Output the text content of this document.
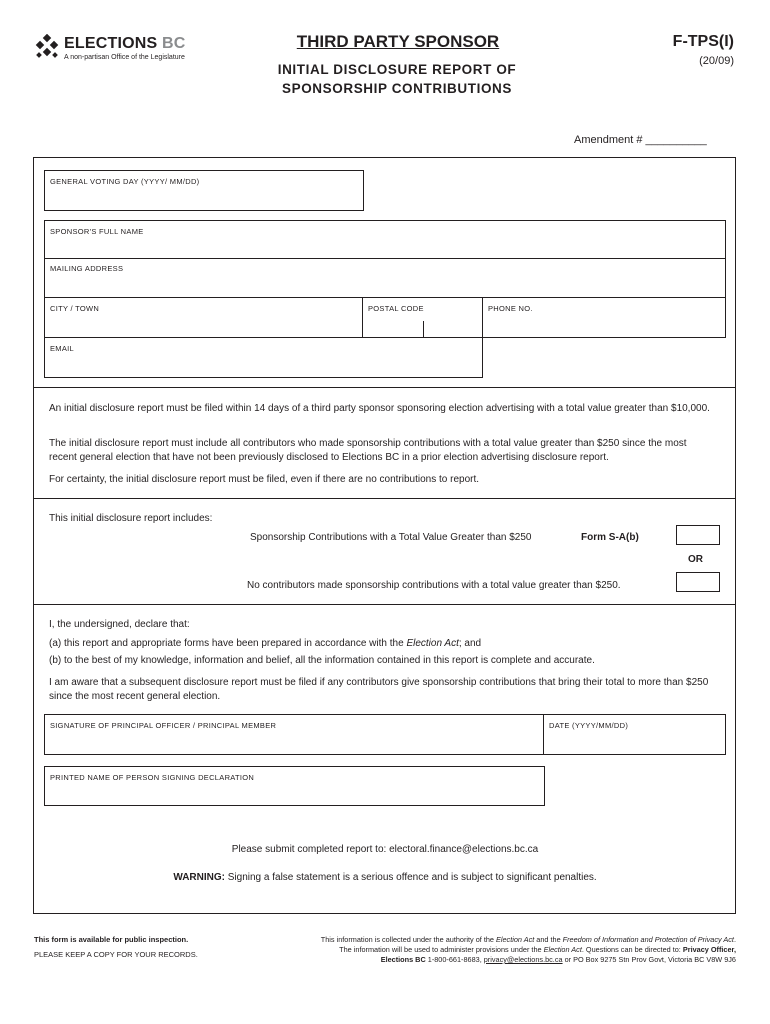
ELECTIONS BC
A non-partisan Office of the Legislature
THIRD PARTY SPONSOR
INITIAL DISCLOSURE REPORT OF
SPONSORSHIP CONTRIBUTIONS
F-TPS(I)
(20/09)
Amendment # __________
GENERAL VOTING DAY (YYYY/ MM/DD)
SPONSOR'S FULL NAME
MAILING ADDRESS
CITY / TOWN	POSTAL CODE	PHONE NO.
EMAIL
An initial disclosure report must be filed within 14 days of a third party sponsor sponsoring election advertising with a total value greater than $10,000.
The initial disclosure report must include all contributors who made sponsorship contributions with a total value greater than $250 since the most recent general election that have not been previously disclosed to Elections BC in a prior election advertising disclosure report.
For certainty, the initial disclosure report must be filed, even if there are no contributions to report.
This initial disclosure report includes:
Sponsorship Contributions with a Total Value Greater than $250	Form S-A(b)
OR
No contributors made sponsorship contributions with a total value greater than $250.
I, the undersigned, declare that:
(a) this report and appropriate forms have been prepared in accordance with the Election Act; and
(b) to the best of my knowledge, information and belief, all the information contained in this report is complete and accurate.
I am aware that a subsequent disclosure report must be filed if any contributors give sponsorship contributions that bring their total to more than $250 since the most recent general election.
SIGNATURE OF PRINCIPAL OFFICER / PRINCIPAL MEMBER	DATE (YYYY/MM/DD)
PRINTED NAME OF PERSON SIGNING DECLARATION
Please submit completed report to: electoral.finance@elections.bc.ca
WARNING: Signing a false statement is a serious offence and is subject to significant penalties.
This form is available for public inspection.
PLEASE KEEP A COPY FOR YOUR RECORDS.
This information is collected under the authority of the Election Act and the Freedom of Information and Protection of Privacy Act.
The information will be used to administer provisions under the Election Act. Questions can be directed to: Privacy Officer,
Elections BC 1-800-661-8683, privacy@elections.bc.ca or PO Box 9275 Stn Prov Govt, Victoria BC V8W 9J6
